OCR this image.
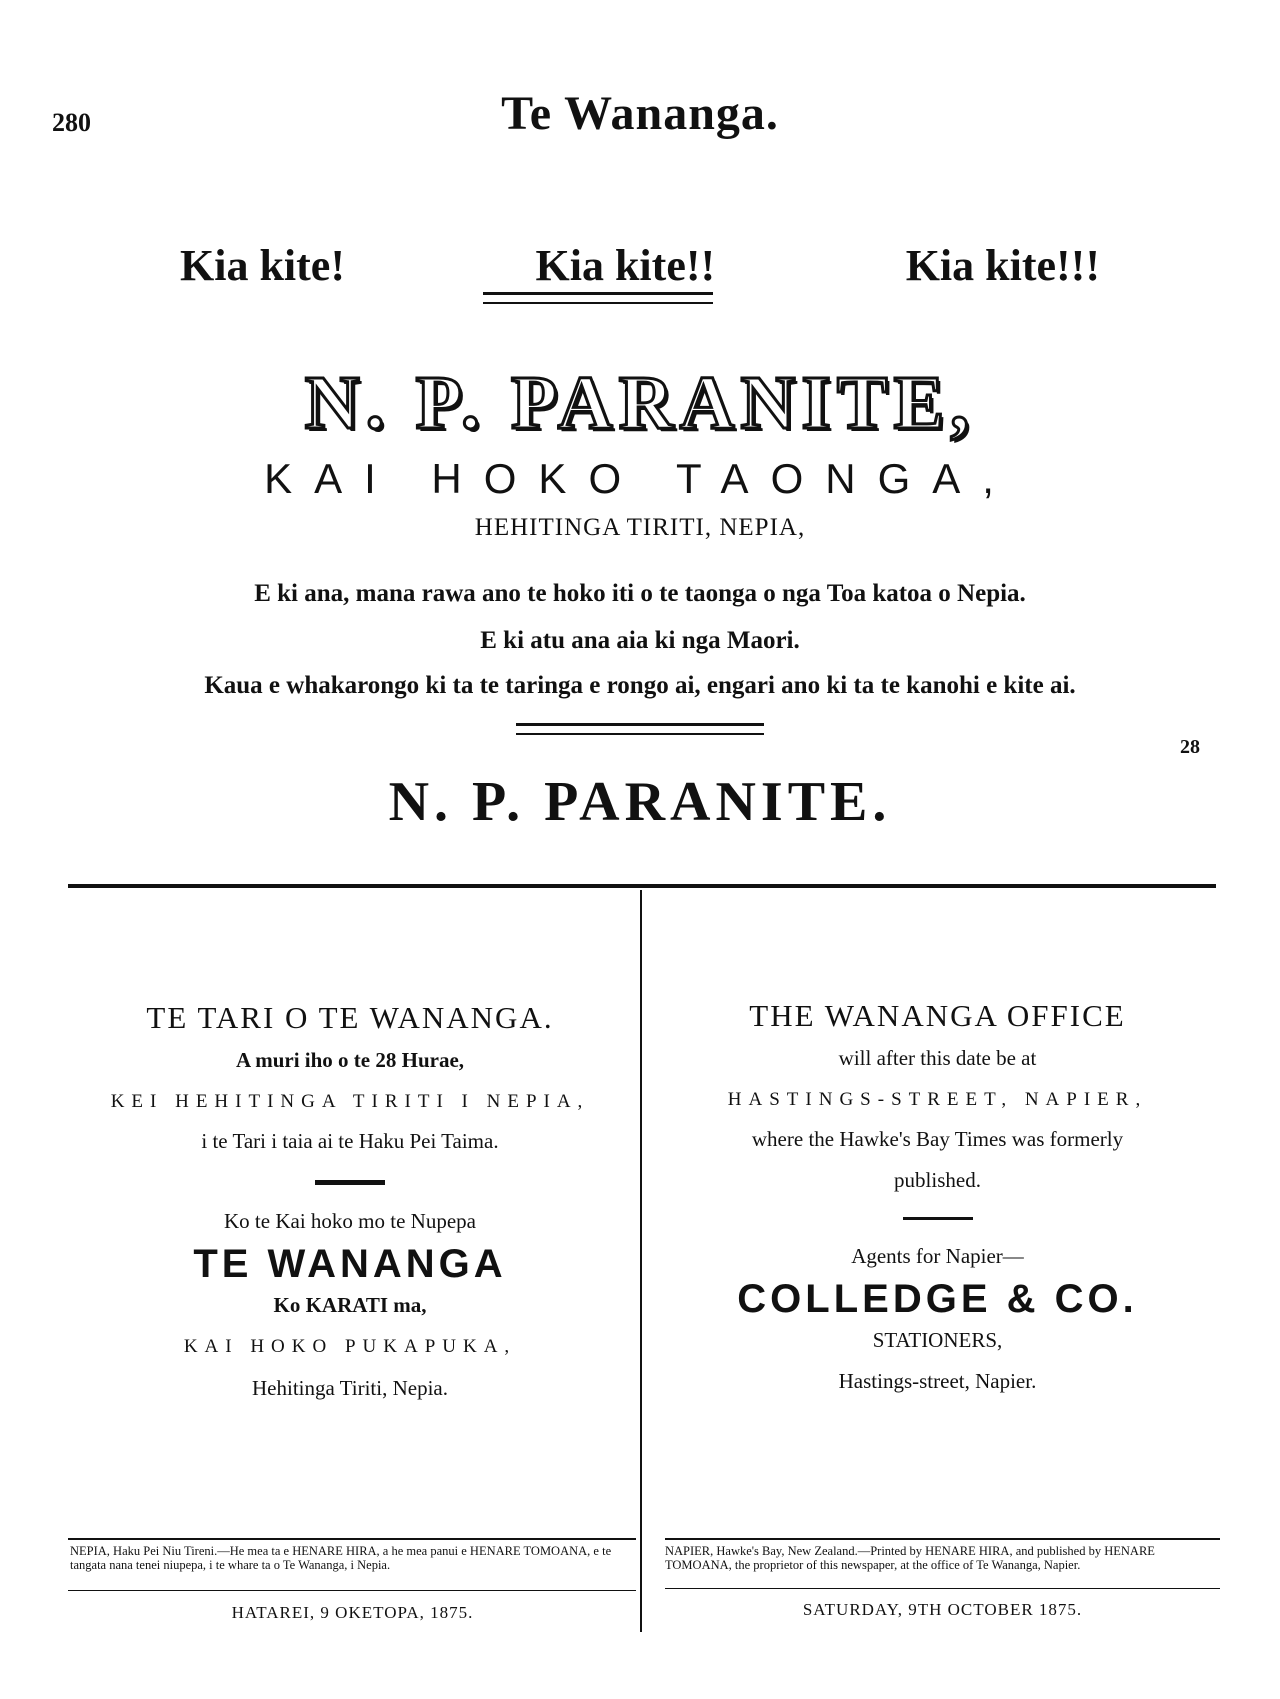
280	Te Wananga.
Kia kite!	Kia kite!!	Kia kite!!!
N. P. PARANITE,
KAI HOKO TAONGA,
HEHITINGA TIRITI, NEPIA,
E ki ana, mana rawa ano te hoko iti o te taonga o nga Toa katoa o Nepia.
E ki atu ana aia ki nga Maori.
Kaua e whakarongo ki ta te taringa e rongo ai, engari ano ki ta te kanohi e kite ai.
28
N. P. PARANITE.
TE TARI O TE WANANGA.
A muri iho o te 28 Hurae,
KEI HEHITINGA TIRITI I NEPIA,
i te Tari i taia ai te Haku Pei Taima.
Ko te Kai hoko mo te Nupepa
TE WANANGA
Ko KARATI ma,
KAI HOKO PUKAPUKA,
Hehitinga Tiriti, Nepia.
THE WANANGA OFFICE
will after this date be at
HASTINGS-STREET, NAPIER,
where the Hawke's Bay Times was formerly
published.
Agents for Napier—
COLLEDGE & CO.
STATIONERS,
Hastings-street, Napier.
NEPIA, Haku Pei Niu Tireni.—He mea ta e HENARE HIRA, a he mea panui e HENARE TOMOANA, e te tangata nana tenei niupepa, i te whare ta o Te Wananga, i Nepia.
HATAREI, 9 OKETOPA, 1875.
NAPIER, Hawke's Bay, New Zealand.—Printed by HENARE HIRA, and published by HENARE TOMOANA, the proprietor of this newspaper, at the office of Te Wananga, Napier.
SATURDAY, 9TH OCTOBER 1875.
